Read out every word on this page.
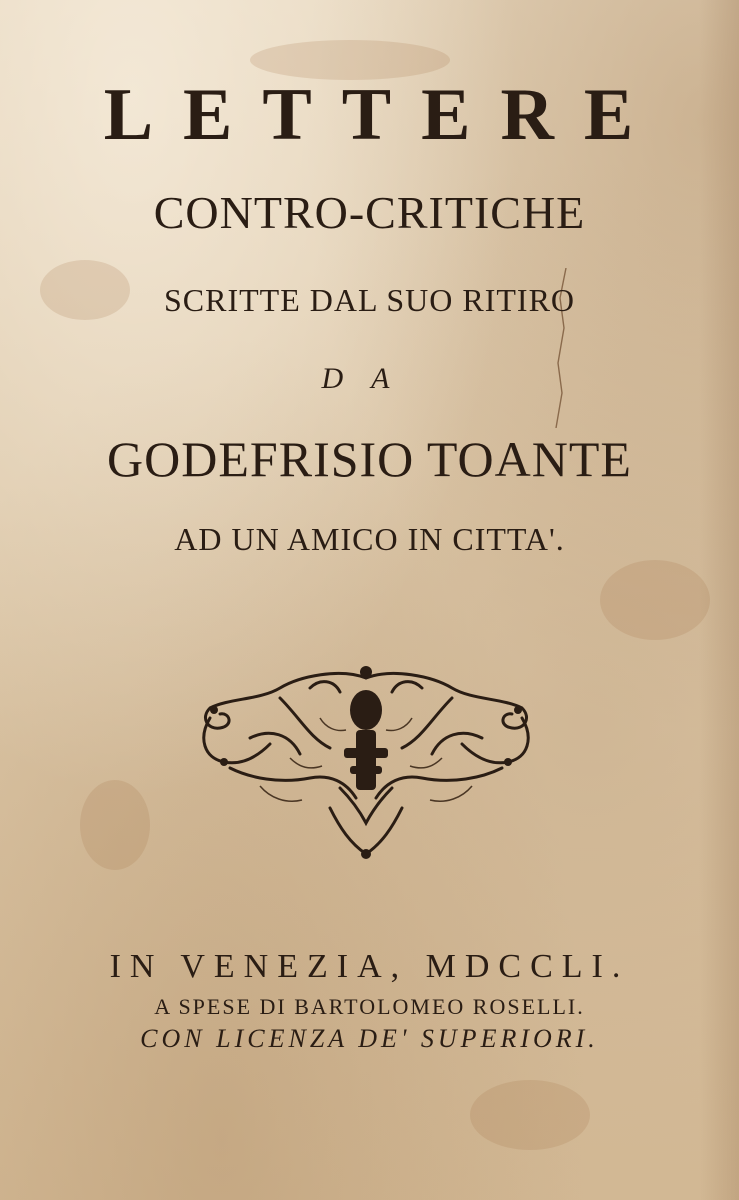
LETTERE
CONTRO-CRITICHE
SCRITTE DAL SUO RITIRO
DA
GODEFRISIO TOANTE
AD UN AMICO IN CITTA'.
IN VENEZIA, MDCCLI.
A SPESE DI BARTOLOMEO ROSELLI.
CON LICENZA DE' SUPERIORI.
